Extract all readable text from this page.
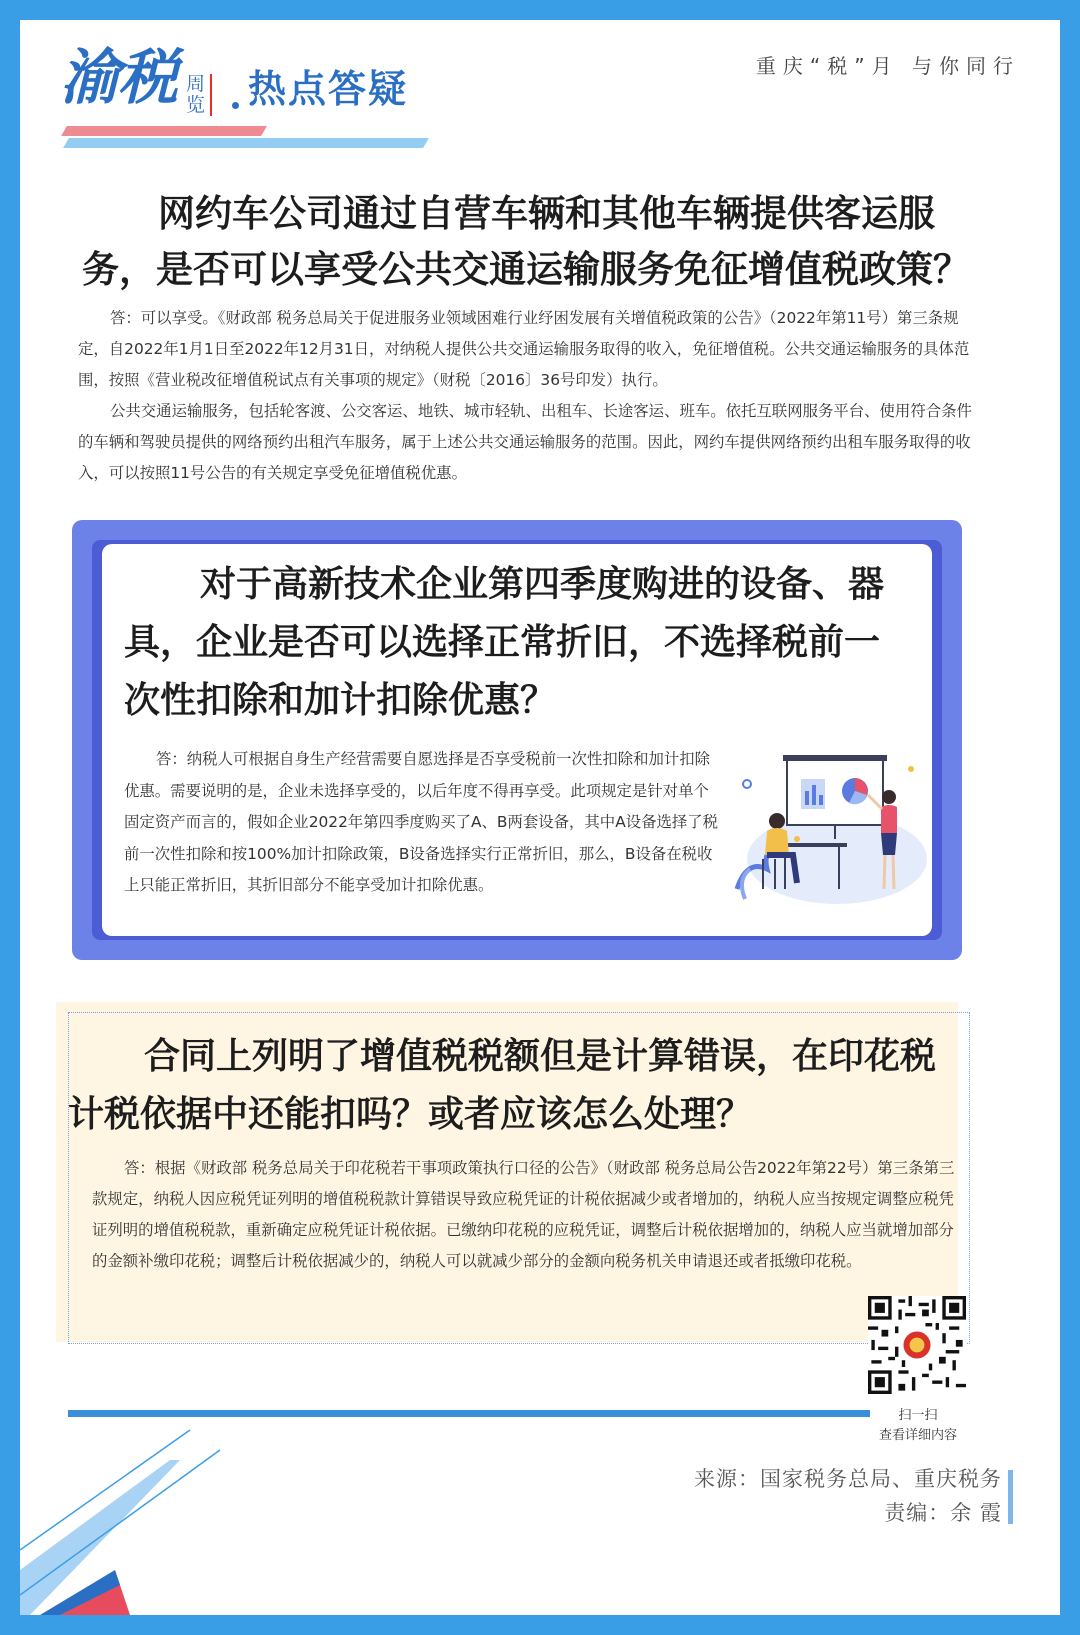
渝税 周览 热点答疑
重庆“税”月 与你同行
网约车公司通过自营车辆和其他车辆提供客运服务，是否可以享受公共交通运输服务免征增值税政策？

答：可以享受。《财政部 税务总局关于促进服务业领域困难行业纾困发展有关增值税政策的公告》（2022年第11号）第三条规定，自2022年1月1日至2022年12月31日，对纳税人提供公共交通运输服务取得的收入，免征增值税。公共交通运输服务的具体范围，按照《营业税改征增值税试点有关事项的规定》（财税〔2016〕36号印发）执行。

公共交通运输服务，包括轮客渡、公交客运、地铁、城市轻轨、出租车、长途客运、班车。依托互联网服务平台、使用符合条件的车辆和驾驶员提供的网络预约出租汽车服务，属于上述公共交通运输服务的范围。因此，网约车提供网络预约出租车服务取得的收入，可以按照11号公告的有关规定享受免征增值税优惠。

对于高新技术企业第四季度购进的设备、器具，企业是否可以选择正常折旧，不选择税前一次性扣除和加计扣除优惠？

答：纳税人可根据自身生产经营需要自愿选择是否享受税前一次性扣除和加计扣除优惠。需要说明的是，企业未选择享受的，以后年度不得再享受。此项规定是针对单个固定资产而言的，假如企业2022年第四季度购买了A、B两套设备，其中A设备选择了税前一次性扣除和按100%加计扣除政策，B设备选择实行正常折旧，那么，B设备在税收上只能正常折旧，其折旧部分不能享受加计扣除优惠。

合同上列明了增值税税额但是计算错误，在印花税计税依据中还能扣吗？或者应该怎么处理？

答：根据《财政部 税务总局关于印花税若干事项政策执行口径的公告》（财政部 税务总局公告2022年第22号）第三条第三款规定，纳税人因应税凭证列明的增值税税款计算错误导致应税凭证的计税依据减少或者增加的，纳税人应当按规定调整应税凭证列明的增值税税款，重新确定应税凭证计税依据。已缴纳印花税的应税凭证，调整后计税依据增加的，纳税人应当就增加部分的金额补缴印花税；调整后计税依据减少的，纳税人可以就减少部分的金额向税务机关申请退还或者抵缴印花税。

扫一扫
查看详细内容
来源：国家税务总局、重庆税务
责编：余 霞
